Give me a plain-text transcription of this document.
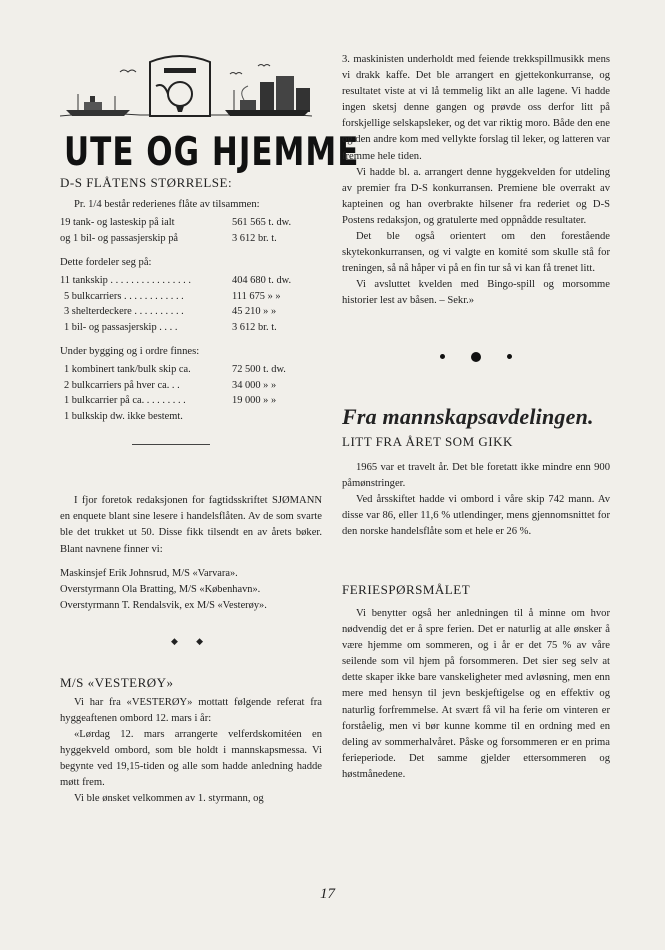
UTE OG HJEMME
D-S FLÅTENS STØRRELSE:

Pr. 1/4 består rederienes flåte av tilsammen:

19 tank- og lasteskip på ialt	561 565 t. dw.
og 1 bil- og passasjerskip på	3 612 br. t.

Dette fordeler seg på:

11 tankskip . . . . . . . . . . . . . . . .	404 680 t. dw.
5 bulkcarriers . . . . . . . . . . . .	111 675 » »
3 shelterdeckere . . . . . . . . . .	45 210 » »
1 bil- og passasjerskip . . . .	3 612 br. t.

Under bygging og i ordre finnes:

1 kombinert tank/bulk skip ca.	72 500 t. dw.
2 bulkcarriers på hver ca. . .	34 000 » »
1 bulkcarrier på ca. . . . . . . . .	19 000 » »
1 bulkskip dw. ikke bestemt.

I fjor foretok redaksjonen for fagtidsskriftet SJØMANN en enquete blant sine lesere i handelsflåten. Av de som svarte ble det trukket ut 50. Disse fikk tilsendt en av årets bøker. Blant navnene finner vi:

Maskinsjef Erik Johnsrud, M/S «Varvara».

Overstyrmann Ola Bratting, M/S «København».

Overstyrmann T. Rendalsvik, ex M/S «Vesterøy».

◆ ◆

M/S «VESTERØY»

Vi har fra «VESTERØY» mottatt følgende referat fra hyggeaftenen ombord 12. mars i år:

«Lørdag 12. mars arrangerte velferdskomitéen en hyggekveld ombord, som ble holdt i mannskapsmessa. Vi begynte ved 19,15-tiden og alle som hadde anledning hadde møtt frem.

Vi ble ønsket velkommen av 1. styrmann, og

3. maskinisten underholdt med feiende trekkspillmusikk mens vi drakk kaffe. Det ble arrangert en gjettekonkurranse, og resultatet viste at vi lå temmelig likt an alle lagene. Vi hadde ingen sketsj denne gangen og prøvde oss derfor litt på forskjellige selskapsleker, og det var riktig moro. Både den ene og den andre kom med vellykte forslag til leker, og latteren var fremme hele tiden.

Vi hadde bl. a. arrangert denne hyggekvelden for utdeling av premier fra D-S konkurransen. Premiene ble overrakt av kapteinen og han overbrakte hilsener fra rederiet og D-S Postens redaksjon, og gratulerte med oppnådde resultater.

Det ble også orientert om den forestående skytekonkurransen, og vi valgte en komité som skulle stå for treningen, så nå håper vi på en fin tur så vi kan få trenet litt.

Vi avsluttet kvelden med Bingo-spill og morsomme historier lest av båsen. – Sekr.»

Fra mannskapsavdelingen.
LITT FRA ÅRET SOM GIKK

1965 var et travelt år. Det ble foretatt ikke mindre enn 900 påmønstringer.

Ved årsskiftet hadde vi ombord i våre skip 742 mann. Av disse var 86, eller 11,6 % utlendinger, mens gjennomsnittet for den norske handelsflåte som et hele er 26 %.

FERIESPØRSMÅLET

Vi benytter også her anledningen til å minne om hvor nødvendig det er å spre ferien. Det er naturlig at alle ønsker å være hjemme om sommeren, og i år er det 75 % av våre seilende som vil hjem på forsommeren. Det sier seg selv at dette skaper ikke bare vanskeligheter med avløsning, men enn mere med hensyn til jevn beskjeftigelse og en effektiv og naturlig forfremmelse. At svært få vil ha ferie om vinteren er forståelig, men vi bør kunne komme til en ordning med en deling av sommerhalvåret. Påske og forsommeren er en prima ferieperiode. Det samme gjelder ettersommeren og høstmånedene.

17
